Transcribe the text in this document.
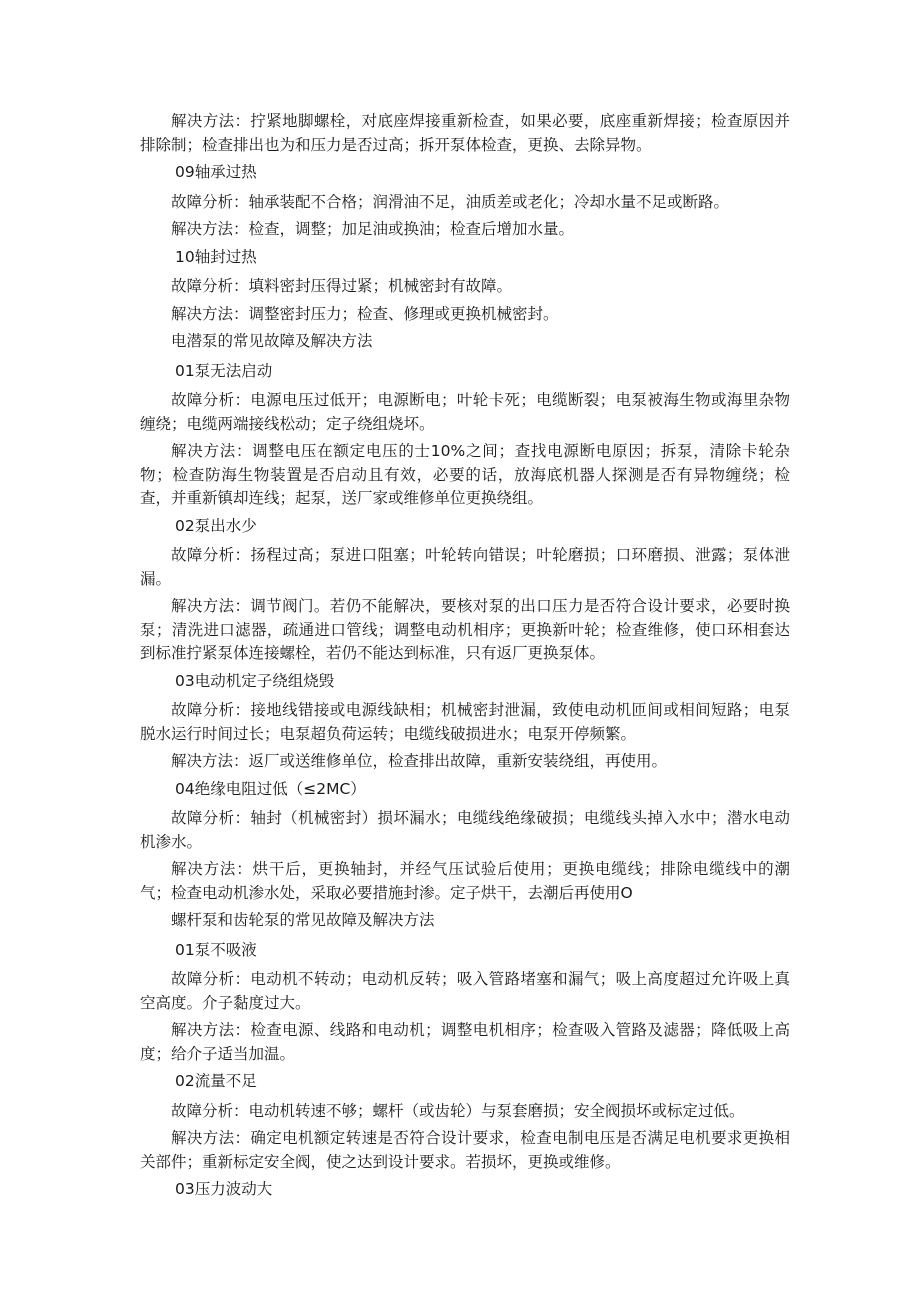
解决方法：拧紧地脚螺栓，对底座焊接重新检查，如果必要，底座重新焊接；检查原因并排除制；检查排出也为和压力是否过高；拆开泵体检查，更换、去除异物。

09轴承过热

故障分析：轴承装配不合格；润滑油不足，油质差或老化；冷却水量不足或断路。

解决方法：检查，调整；加足油或换油；检查后增加水量。

10轴封过热

故障分析：填料密封压得过紧；机械密封有故障。

解决方法：调整密封压力；检查、修理或更换机械密封。

电潜泵的常见故障及解决方法

01泵无法启动

故障分析：电源电压过低开；电源断电；叶轮卡死；电缆断裂；电泵被海生物或海里杂物缠绕；电缆两端接线松动；定子绕组烧坏。

解决方法：调整电压在额定电压的士10%之间；查找电源断电原因；拆泵，清除卡轮杂物；检查防海生物装置是否启动且有效，必要的话，放海底机器人探测是否有异物缠绕；检查，并重新镇却连线；起泵，送厂家或维修单位更换绕组。

02泵出水少

故障分析：扬程过高；泵进口阻塞；叶轮转向错误；叶轮磨损；口环磨损、泄露；泵体泄漏。

解决方法：调节阀门。若仍不能解决，要核对泵的出口压力是否符合设计要求，必要时换泵；清洗进口滤器，疏通进口管线；调整电动机相序；更换新叶轮；检查维修，使口环相套达到标准拧紧泵体连接螺栓，若仍不能达到标准，只有返厂更换泵体。

03电动机定子绕组烧毁

故障分析：接地线错接或电源线缺相；机械密封泄漏，致使电动机匝间或相间短路；电泵脱水运行时间过长；电泵超负荷运转；电缆线破损进水；电泵开停频繁。

解决方法：返厂或送维修单位，检查排出故障，重新安装绕组，再使用。

04绝缘电阻过低（≤2MC）

故障分析：轴封（机械密封）损坏漏水；电缆线绝缘破损；电缆线头掉入水中；潜水电动机渗水。

解决方法：烘干后，更换轴封，并经气压试验后使用；更换电缆线；排除电缆线中的潮气；检查电动机渗水处，采取必要措施封渗。定子烘干，去潮后再使用O

螺杆泵和齿轮泵的常见故障及解决方法

01泵不吸液

故障分析：电动机不转动；电动机反转；吸入管路堵塞和漏气；吸上高度超过允许吸上真空高度。介子黏度过大。

解决方法：检查电源、线路和电动机；调整电机相序；检查吸入管路及滤器；降低吸上高度；给介子适当加温。

02流量不足

故障分析：电动机转速不够；螺杆（或齿轮）与泵套磨损；安全阀损坏或标定过低。

解决方法：确定电机额定转速是否符合设计要求，检查电制电压是否满足电机要求更换相关部件；重新标定安全阀，使之达到设计要求。若损坏，更换或维修。

03压力波动大
